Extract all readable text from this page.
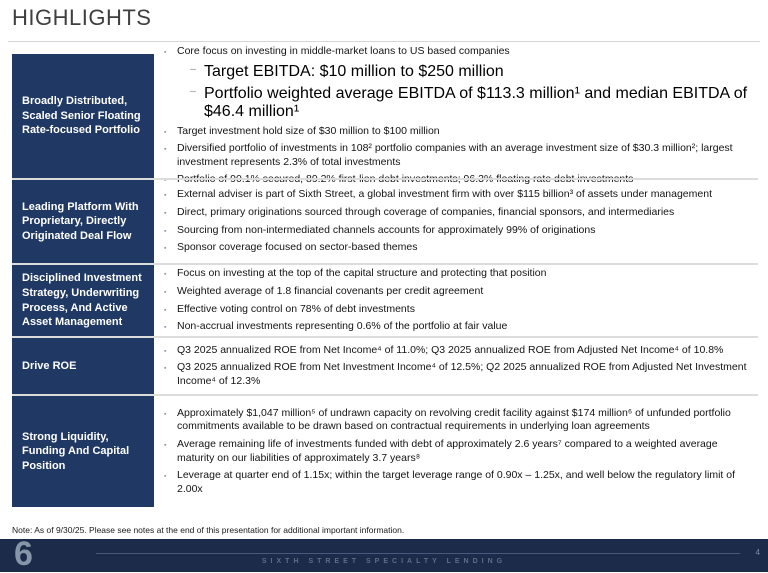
HIGHLIGHTS
Broadly Distributed, Scaled Senior Floating Rate-focused Portfolio
▪	Core focus on investing in middle-market loans to US based companies
– Target EBITDA: $10 million to $250 million
– Portfolio weighted average EBITDA of $113.3 million¹ and median EBITDA of $46.4 million¹
▪	Target investment hold size of $30 million to $100 million
▪	Diversified portfolio of investments in 108² portfolio companies with an average investment size of $30.3 million²; largest investment represents 2.3% of total investments
▪	Portfolio of 90.1% secured, 89.2% first-lien debt investments; 96.3% floating rate debt investments
Leading Platform With Proprietary, Directly Originated Deal Flow
▪	External adviser is part of Sixth Street, a global investment firm with over $115 billion³ of assets under management
▪	Direct, primary originations sourced through coverage of companies, financial sponsors, and intermediaries
▪	Sourcing from non-intermediated channels accounts for approximately 99% of originations
▪	Sponsor coverage focused on sector-based themes
Disciplined Investment Strategy, Underwriting Process, And Active Asset Management
▪	Focus on investing at the top of the capital structure and protecting that position
▪	Weighted average of 1.8 financial covenants per credit agreement
▪	Effective voting control on 78% of debt investments
▪	Non-accrual investments representing 0.6% of the portfolio at fair value
Drive ROE
▪	Q3 2025 annualized ROE from Net Income⁴ of 11.0%; Q3 2025 annualized ROE from Adjusted Net Income⁴ of 10.8%
▪	Q3 2025 annualized ROE from Net Investment Income⁴ of 12.5%; Q2 2025 annualized ROE from Adjusted Net Investment Income⁴ of 12.3%
Strong Liquidity, Funding And Capital Position
▪	Approximately $1,047 million⁵ of undrawn capacity on revolving credit facility against $174 million⁶ of unfunded portfolio commitments available to be drawn based on contractual requirements in underlying loan agreements
▪	Average remaining life of investments funded with debt of approximately 2.6 years⁷ compared to a weighted average maturity on our liabilities of approximately 3.7 years⁸
▪	Leverage at quarter end of 1.15x; within the target leverage range of 0.90x – 1.25x, and well below the regulatory limit of 2.00x
Note: As of 9/30/25. Please see notes at the end of this presentation for additional important information.
6	SIXTH STREET SPECIALTY LENDING
4
